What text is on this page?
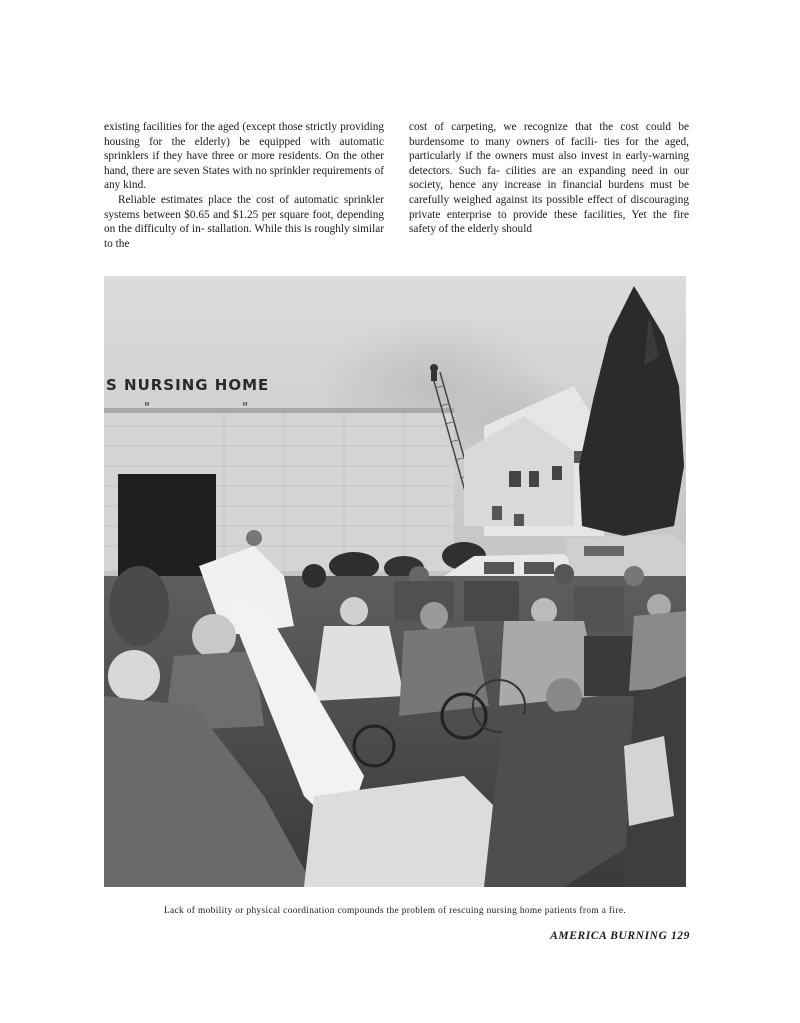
existing facilities for the aged (except those strictly providing housing for the elderly) be equipped with automatic sprinklers if they have three or more residents. On the other hand, there are seven States with no sprinkler requirements of any kind.

Reliable estimates place the cost of automatic sprinkler systems between $0.65 and $1.25 per square foot, depending on the difficulty of in- stallation. While this is roughly similar to the

cost of carpeting, we recognize that the cost could be burdensome to many owners of facili- ties for the aged, particularly if the owners must also invest in early-warning detectors. Such fa- cilities are an expanding need in our society, hence any increase in financial burdens must be carefully weighed against its possible effect of discouraging private enterprise to provide these facilities, Yet the fire safety of the elderly should

S NURSING HOME
" "
Lack of mobility or physical coordination compounds the problem of rescuing nursing home patients from a fire.
AMERICA BURNING 129
